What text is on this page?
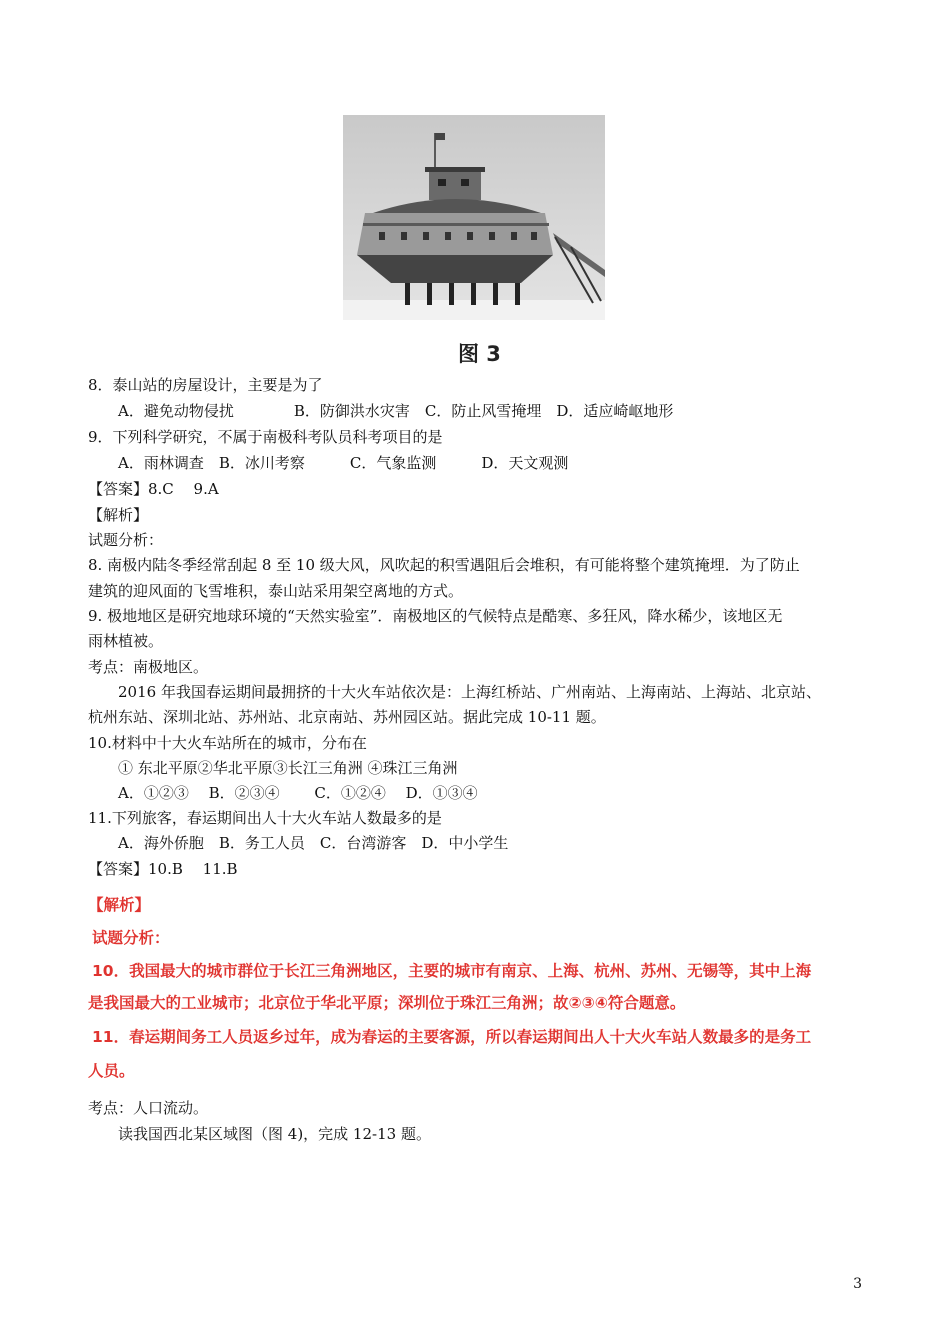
图 3
8．泰山站的房屋设计，主要是为了
A．避免动物侵扰　　　　B．防御洪水灾害　C．防止风雪掩埋　D．适应崎岖地形
9．下列科学研究，不属于南极科考队员科考项目的是
A．雨林调查　B．冰川考察　　　C．气象监测　　　D．天文观测
【答案】8.C　 9.A
【解析】
试题分析：
8. 南极内陆冬季经常刮起 8 至 10 级大风，风吹起的积雪遇阻后会堆积，有可能将整个建筑掩埋．为了防止
建筑的迎风面的飞雪堆积，泰山站采用架空离地的方式。
9. 极地地区是研究地球环境的“天然实验室”．南极地区的气候特点是酷寒、多狂风，降水稀少，该地区无
雨林植被。
考点：南极地区。
2016 年我国春运期间最拥挤的十大火车站依次是：上海红桥站、广州南站、上海南站、上海站、北京站、
杭州东站、深圳北站、苏州站、北京南站、苏州园区站。据此完成 10-11 题。
10.材料中十大火车站所在的城市，分布在
① 东北平原②华北平原③长江三角洲 ④珠江三角洲
A．①②③　 B．②③④　　 C．①②④　 D．①③④
11.下列旅客，春运期间出人十大火车站人数最多的是
A．海外侨胞　B．务工人员　C．台湾游客　D．中小学生
【答案】10.B　 11.B
【解析】
试题分析：
10．我国最大的城市群位于长江三角洲地区，主要的城市有南京、上海、杭州、苏州、无锡等，其中上海
是我国最大的工业城市；北京位于华北平原；深圳位于珠江三角洲；故②③④符合题意。
11．春运期间务工人员返乡过年，成为春运的主要客源，所以春运期间出人十大火车站人数最多的是务工
人员。
考点：人口流动。
读我国西北某区域图（图 4)，完成 12-13 题。
3
